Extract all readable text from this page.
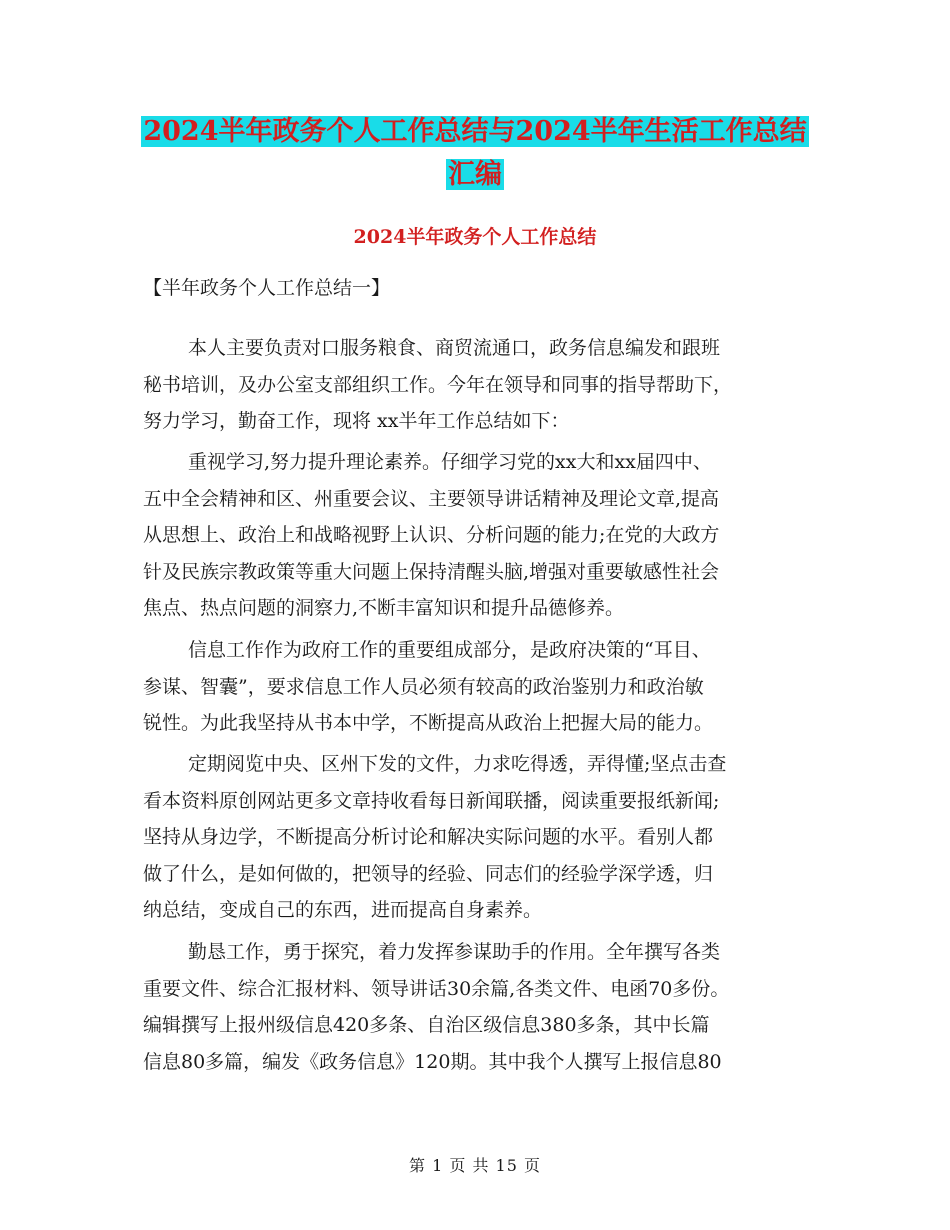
2024半年政务个人工作总结与2024半年生活工作总结
汇编
2024半年政务个人工作总结
【半年政务个人工作总结一】
本人主要负责对口服务粮食、商贸流通口，政务信息编发和跟班
秘书培训，及办公室支部组织工作。今年在领导和同事的指导帮助下，
努力学习，勤奋工作，现将 xx半年工作总结如下：
重视学习,努力提升理论素养。仔细学习党的xx大和xx届四中、
五中全会精神和区、州重要会议、主要领导讲话精神及理论文章,提高
从思想上、政治上和战略视野上认识、分析问题的能力;在党的大政方
针及民族宗教政策等重大问题上保持清醒头脑,增强对重要敏感性社会
焦点、热点问题的洞察力,不断丰富知识和提升品德修养。
信息工作作为政府工作的重要组成部分，是政府决策的“耳目、
参谋、智囊”，要求信息工作人员必须有较高的政治鉴别力和政治敏
锐性。为此我坚持从书本中学，不断提高从政治上把握大局的能力。
定期阅览中央、区州下发的文件，力求吃得透，弄得懂;坚点击查
看本资料原创网站更多文章持收看每日新闻联播，阅读重要报纸新闻;
坚持从身边学，不断提高分析讨论和解决实际问题的水平。看别人都
做了什么，是如何做的，把领导的经验、同志们的经验学深学透，归
纳总结，变成自己的东西，进而提高自身素养。
勤恳工作，勇于探究，着力发挥参谋助手的作用。全年撰写各类
重要文件、综合汇报材料、领导讲话30余篇,各类文件、电函70多份。
编辑撰写上报州级信息420多条、自治区级信息380多条，其中长篇
信息80多篇，编发《政务信息》120期。其中我个人撰写上报信息80
第 1 页 共 15 页
